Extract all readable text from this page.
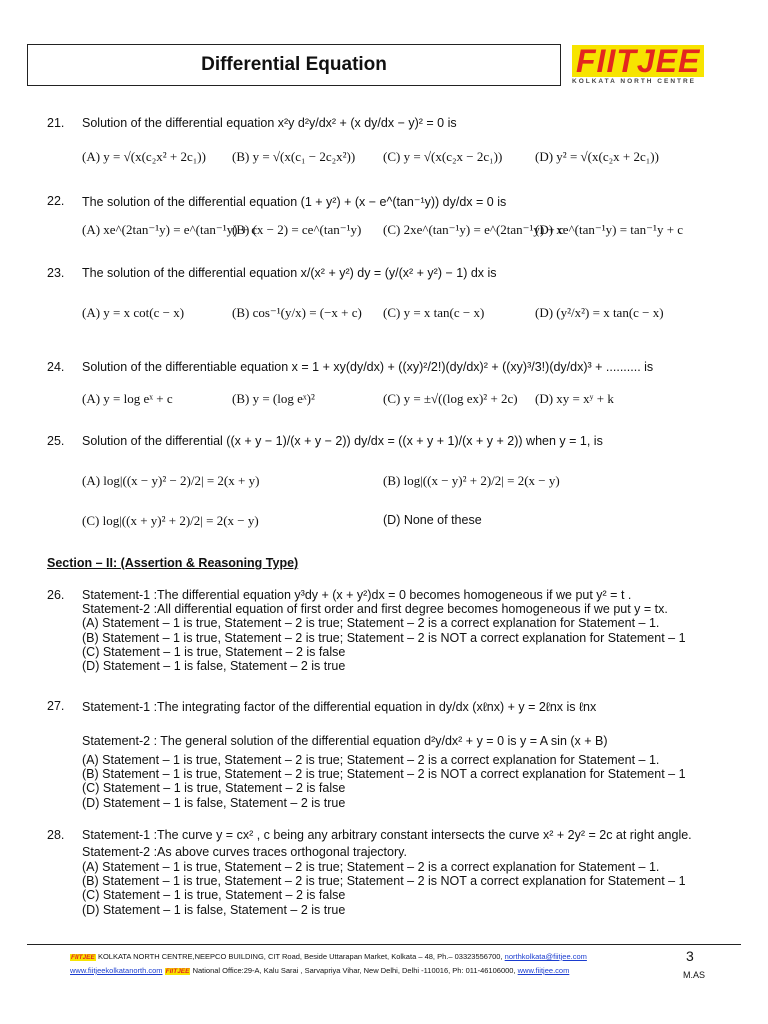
Differential Equation	FIITJEE
KOLKATA NORTH CENTRE
21. Solution of the differential equation x²y d²y/dx² + (x dy/dx − y)² = 0 is
(A) y = √(x(c₂x² + 2c₁)) (B) y = √(x(c₁ − 2c₂x²)) (C) y = √(x(c₂x − 2c₁))	(D) y² = √(x(c₂x + 2c₁))
22. The solution of the differential equation (1 + y²) + (x − e^(tan⁻¹y)) dy/dx = 0 is
(A) xe^(2tan⁻¹y) = e^(tan⁻¹y) + c
(B) (x − 2) = ce^(tan⁻¹y) (C) 2xe^(tan⁻¹y) = e^(2tan⁻¹y) + c
(D) xe^(tan⁻¹y) = tan⁻¹y + c
23. The solution of the differential equation x/(x² + y²) dy = (y/(x² + y²) − 1) dx is
(A) y = x cot(c − x)	(B) cos⁻¹(y/x) = (−x + c) (C) y = x tan(c − x)	(D) (y²/x²) = x tan(c − x)
24. Solution of the differentiable equation x = 1 + xy(dy/dx) + ((xy)²/2!)(dy/dx)² + ((xy)³/3!)(dy/dx)³ + .......... is
(A) y = log eˣ + c	(B) y = (log eˣ)²	(C) y = ±√((log ex)² + 2c) (D) xy = xʸ + k
25. Solution of the differential ((x + y − 1)/(x + y − 2)) dy/dx = ((x + y + 1)/(x + y + 2)) when y = 1, is
(A) log|((x − y)² − 2)/2| = 2(x + y)	(B) log|((x − y)² + 2)/2| = 2(x − y)
(C) log|((x + y)² + 2)/2| = 2(x − y)	(D) None of these
Section – II: (Assertion & Reasoning Type)
26. Statement-1 :The differential equation y³dy + (x + y²)dx = 0 becomes homogeneous if we put y² = t .
Statement-2 :All differential equation of first order and first degree becomes homogeneous if we put y = tx.
(A) Statement – 1 is true, Statement – 2 is true; Statement – 2 is a correct explanation for Statement – 1.
(B) Statement – 1 is true, Statement – 2 is true; Statement – 2 is NOT a correct explanation for Statement – 1
(C) Statement – 1 is true, Statement – 2 is false
(D) Statement – 1 is false, Statement – 2 is true
27. Statement-1 :The integrating factor of the differential equation in dy/dx (xℓnx) + y = 2ℓnx is ℓnx
Statement-2 : The general solution of the differential equation d²y/dx² + y = 0 is y = A sin (x + B)
(A) Statement – 1 is true, Statement – 2 is true; Statement – 2 is a correct explanation for Statement – 1.
(B) Statement – 1 is true, Statement – 2 is true; Statement – 2 is NOT a correct explanation for Statement – 1
(C) Statement – 1 is true, Statement – 2 is false
(D) Statement – 1 is false, Statement – 2 is true
28. Statement-1 :The curve y = cx² , c being any arbitrary constant intersects the curve x² + 2y² = 2c at right angle.
Statement-2 :As above curves traces orthogonal trajectory.
(A) Statement – 1 is true, Statement – 2 is true; Statement – 2 is a correct explanation for Statement – 1.
(B) Statement – 1 is true, Statement – 2 is true; Statement – 2 is NOT a correct explanation for Statement – 1
(C) Statement – 1 is true, Statement – 2 is false
(D) Statement – 1 is false, Statement – 2 is true
FIITJEE KOLKATA NORTH CENTRE,NEEPCO BUILDING, CIT Road, Beside Uttarapan Market, Kolkata – 48, Ph.– 03323556700, northkolkata@fiitjee.com
www.fiitjeekolkatanorth.com FIITJEE National Office:29-A, Kalu Sarai , Sarvapriya Vihar, New Delhi, Delhi -110016, Ph: 011-46106000, www.fiitjee.com
3
M.AS
